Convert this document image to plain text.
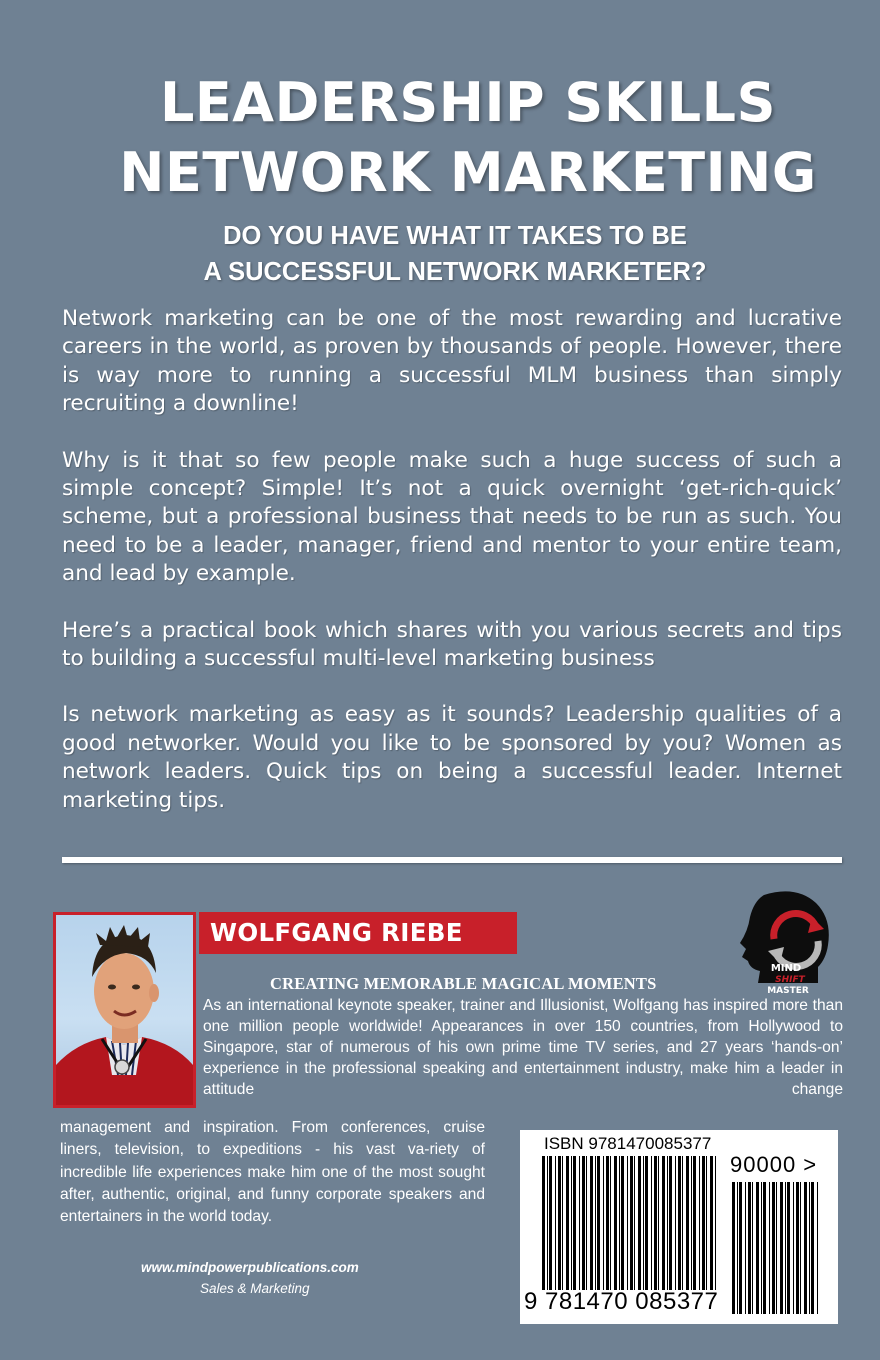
LEADERSHIP SKILLS
NETWORK MARKETING
DO YOU HAVE WHAT IT TAKES TO BE
A SUCCESSFUL NETWORK MARKETER?

Network marketing can be one of the most rewarding and lucrative careers in the world, as proven by thousands of people. However, there is way more to running a successful MLM business than simply recruiting a downline!

Why is it that so few people make such a huge success of such a simple concept? Simple! It’s not a quick overnight ‘get-rich-quick’ scheme, but a professional business that needs to be run as such. You need to be a leader, manager, friend and mentor to your entire team, and lead by example.

Here’s a practical book which shares with you various secrets and tips to building a successful multi-level marketing business

Is network marketing as easy as it sounds? Leadership qualities of a good networker. Would you like to be sponsored by you? Women as network leaders. Quick tips on being a successful leader. Internet marketing tips.

WOLFGANG RIEBE
CREATING MEMORABLE MAGICAL MOMENTS
MIND
SHIFT
MASTER
As an international keynote speaker, trainer and Illusionist, Wolfgang has inspired more than one million people worldwide! Appearances in over 150 countries, from Hollywood to Singapore, star of numerous of his own prime time TV series, and 27 years ‘hands-on’ experience in the professional speaking and entertainment industry, make him a leader in attitude change
management and inspiration. From conferences, cruise liners, television, to expeditions - his vast va-riety of incredible life experiences make him one of the most sought after, authentic, original, and funny corporate speakers and entertainers in the world today.
www.mindpowerpublications.com
Sales & Marketing
ISBN 9781470085377
90000 >
9 781470 085377
